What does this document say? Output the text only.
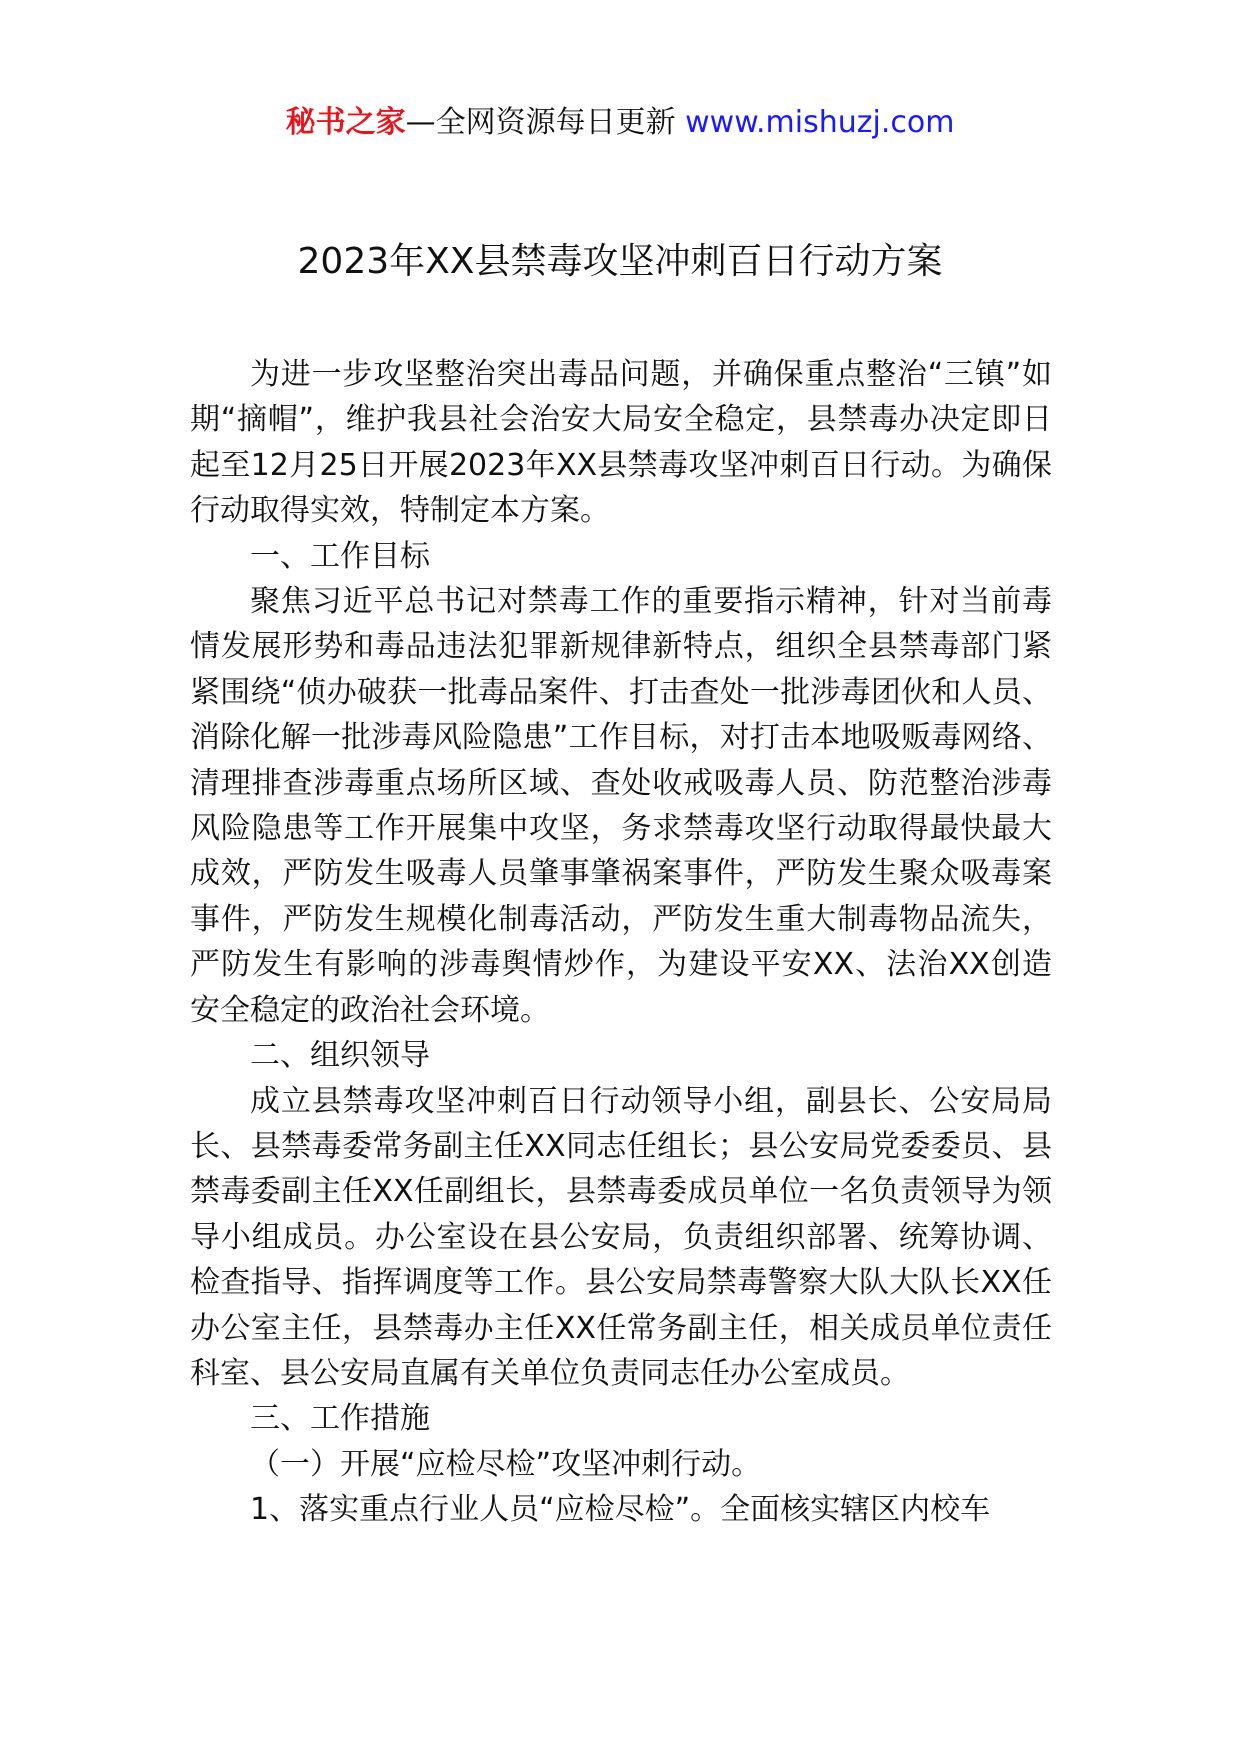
秘书之家—全网资源每日更新 www.mishuzj.com
2023年XX县禁毒攻坚冲刺百日行动方案

为进一步攻坚整治突出毒品问题，并确保重点整治“三镇”如期“摘帽”，维护我县社会治安大局安全稳定，县禁毒办决定即日起至12月25日开展2023年XX县禁毒攻坚冲刺百日行动。为确保行动取得实效，特制定本方案。

一、工作目标

聚焦习近平总书记对禁毒工作的重要指示精神，针对当前毒情发展形势和毒品违法犯罪新规律新特点，组织全县禁毒部门紧紧围绕“侦办破获一批毒品案件、打击查处一批涉毒团伙和人员、消除化解一批涉毒风险隐患”工作目标，对打击本地吸贩毒网络、清理排查涉毒重点场所区域、查处收戒吸毒人员、防范整治涉毒风险隐患等工作开展集中攻坚，务求禁毒攻坚行动取得最快最大成效，严防发生吸毒人员肇事肇祸案事件，严防发生聚众吸毒案事件，严防发生规模化制毒活动，严防发生重大制毒物品流失，严防发生有影响的涉毒舆情炒作，为建设平安XX、法治XX创造安全稳定的政治社会环境。

二、组织领导

成立县禁毒攻坚冲刺百日行动领导小组，副县长、公安局局长、县禁毒委常务副主任XX同志任组长；县公安局党委委员、县禁毒委副主任XX任副组长，县禁毒委成员单位一名负责领导为领导小组成员。办公室设在县公安局，负责组织部署、统筹协调、检查指导、指挥调度等工作。县公安局禁毒警察大队大队长XX任办公室主任，县禁毒办主任XX任常务副主任，相关成员单位责任科室、县公安局直属有关单位负责同志任办公室成员。

三、工作措施

（一）开展“应检尽检”攻坚冲刺行动。

1、落实重点行业人员“应检尽检”。全面核实辖区内校车
